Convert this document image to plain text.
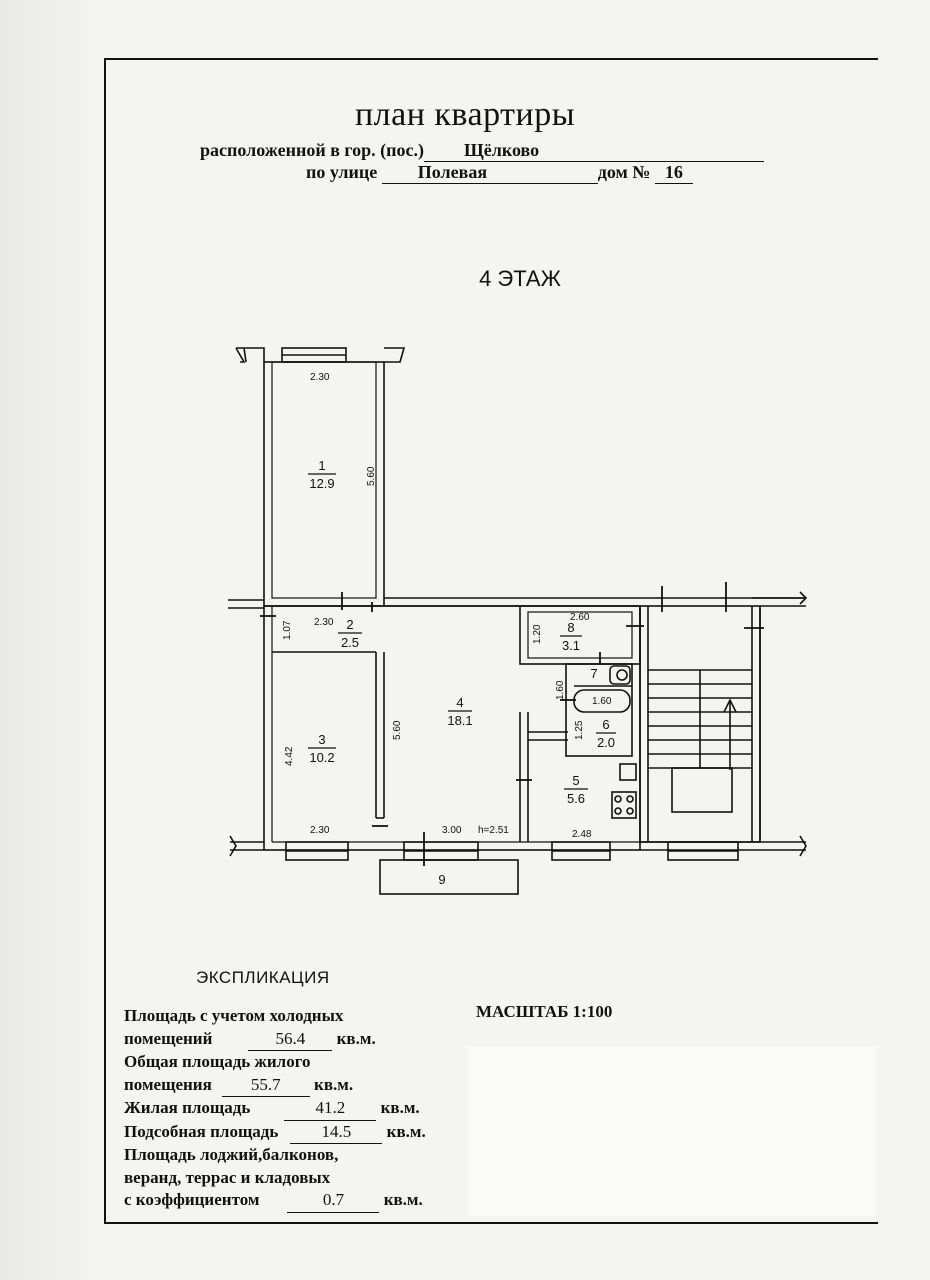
план квартиры
расположенной в гор. (пос.) Щёлково
по улице Полевая	дом № 16
4 ЭТАЖ
1
12.9
2
2.5
3
10.2
4
18.1
5
5.6
6
2.0
7
8
3.1
9
2.30
5.60
2.30
1.07
4.42
2.30
5.60
3.00 h=2.51	2.48
1.60
1.25
1.60
2.60
1.20
ЭКСПЛИКАЦИЯ
Площадь с учетом холодных
помещений	56.4 кв.м.
Общая площадь жилого
помещения 55.7 кв.м.
Жилая площадь	41.2 кв.м.
Подсобная площадь	14.5 кв.м.
Площадь лоджий,балконов,
веранд, террас и кладовых
с коэффициентом	0.7 кв.м.
МАСШТАБ 1:100
